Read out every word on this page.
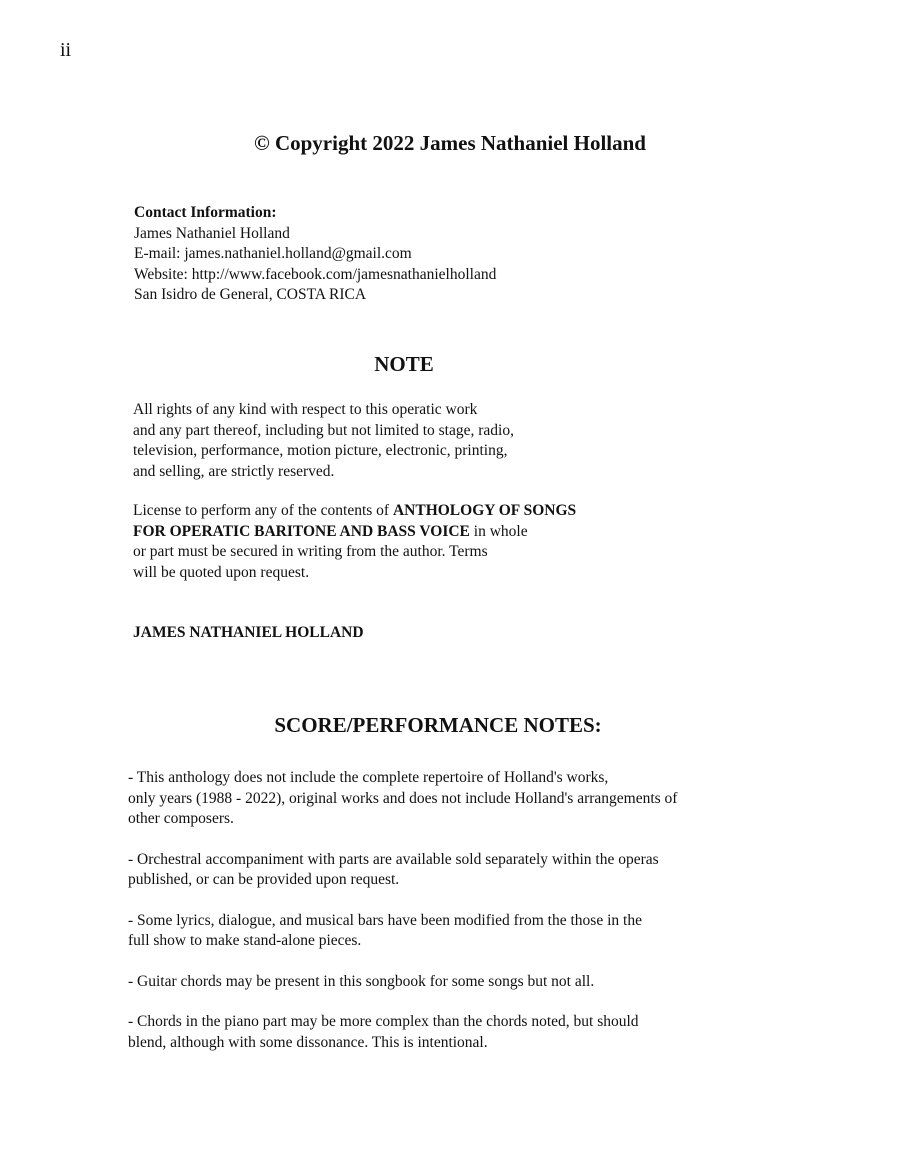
ii
© Copyright 2022 James Nathaniel Holland
Contact Information:
James Nathaniel Holland
E-mail: james.nathaniel.holland@gmail.com
Website: http://www.facebook.com/jamesnathanielholland
San Isidro de General, COSTA RICA
NOTE
All rights of any kind with respect to this operatic work
and any part thereof, including but not limited to stage, radio,
television, performance, motion picture, electronic, printing,
and selling, are strictly reserved.
License to perform any of the contents of ANTHOLOGY OF SONGS
FOR OPERATIC BARITONE AND BASS VOICE in whole
or part must be secured in writing from the author. Terms
will be quoted upon request.
JAMES NATHANIEL HOLLAND
SCORE/PERFORMANCE NOTES:
- This anthology does not include the complete repertoire of Holland's works,
only years (1988 - 2022), original works and does not include Holland's arrangements of
other composers.
- Orchestral accompaniment with parts are available sold separately within the operas
published, or can be provided upon request.
- Some lyrics, dialogue, and musical bars have been modified from the those in the
full show to make stand-alone pieces.
- Guitar chords may be present in this songbook for some songs but not all.
- Chords in the piano part may be more complex than the chords noted, but should
blend, although with some dissonance. This is intentional.
